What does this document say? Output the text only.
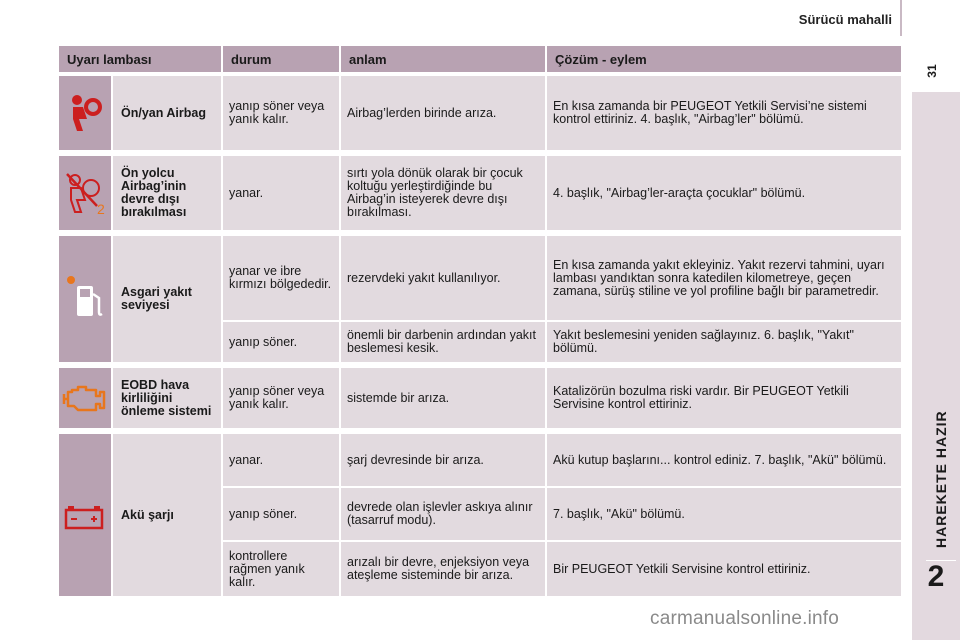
Sürücü mahalli
31
HAREKETE HAZIR
2
Uyarı lambası		durum	anlam	Çözüm - eylem

	Ön/yan Airbag	yanıp söner veya yanık kalır.	Airbag’lerden birinde arıza.	En kısa zamanda bir PEUGEOT Yetkili Servisi’ne sistemi kontrol ettiriniz. 4. başlık, "Airbag’ler" bölümü.

2	Ön yolcu Airbag’inin devre dışı bırakılması	yanar.	sırtı yola dönük olarak bir çocuk koltuğu yerleştirdiğinde bu Airbag’in isteyerek devre dışı bırakılması.	4. başlık, "Airbag’ler-araçta çocuklar" bölümü.

	Asgari yakıt seviyesi	yanar ve ibre kırmızı bölgededir.	rezervdeki yakıt kullanılıyor.	En kısa zamanda yakıt ekleyiniz. Yakıt rezervi tahmini, uyarı lambası yandıktan sonra katedilen kilometreye, geçen zamana, sürüş stiline ve yol profiline bağlı bir parametredir.
		yanıp söner.	önemli bir darbenin ardından yakıt beslemesi kesik.	Yakıt beslemesini yeniden sağlayınız. 6. başlık, "Yakıt" bölümü.

	EOBD hava kirliliğini önleme sistemi	yanıp söner veya yanık kalır.	sistemde bir arıza.	Katalizörün bozulma riski vardır. Bir PEUGEOT Yetkili Servisine kontrol ettiriniz.

	Akü şarjı	yanar.	şarj devresinde bir arıza.	Akü kutup başlarını... kontrol ediniz. 7. başlık, "Akü" bölümü.
		yanıp söner.	devrede olan işlevler askıya alınır (tasarruf modu).	7. başlık, "Akü" bölümü.
		kontrollere rağmen yanık kalır.	arızalı bir devre, enjeksiyon veya ateşleme sisteminde bir arıza.	Bir PEUGEOT Yetkili Servisine kontrol ettiriniz.
carmanualsonline.info
